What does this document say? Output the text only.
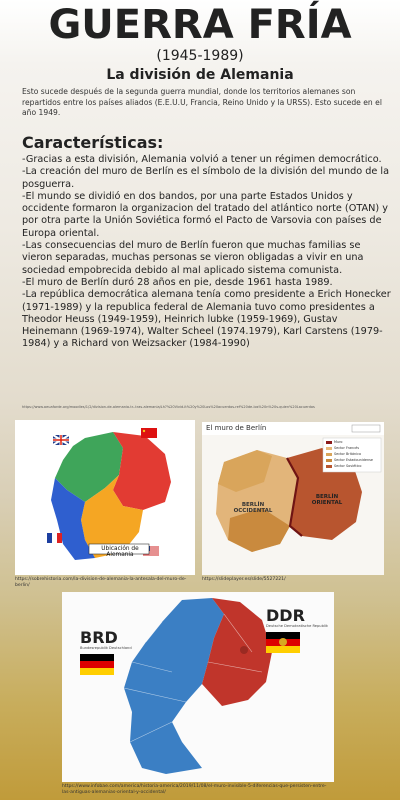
GUERRA FRÍA
(1945-1989)
La división de Alemania
Esto sucede después de la segunda guerra mundial, donde los territorios alemanes son repartidos entre los países aliados (E.E.U.U, Francia, Reino Unido y la URSS). Esto sucede en el año 1949.
Características:
-Gracias a esta división, Alemania volvió a tener un régimen democrático.
-La creación del muro de Berlín es el símbolo de la división del mundo de la posguerra.
-El mundo se dividió en dos bandos, por una parte Estados Unidos y occidente formaron la organizacion del tratado del atlántico norte (OTAN) y por otra parte la Unión Soviética formó el Pacto de Varsovia con países de Europa oriental.
-Las consecuencias del muro de Berlín fueron que muchas familias se vieron separadas, muchas personas se vieron obligadas a vivir en una sociedad empobrecida debido al mal aplicado sistema comunista.
-El muro de Berlín duró 28 años en pie, desde 1961 hasta 1989.
-La república democrática alemana tenía como presidente a Erich Honecker (1971-1989) y la republica federal de Alemania tuvo como presidentes a Theodor Heuss (1949-1959), Heinrich lubke (1959-1969), Gustav Heinemann (1969-1974), Walter Scheel (1974.1979), Karl Carstens (1979-1984) y a Richard von Weizsacker (1984-1990)
https://www.aeuaforde.org/moodles/1/2/division-de-alemania-tr--tras-alemania/Lh?%20Vivid-it%20y%20Los%20acuerdos-ref%20de-los%20n%20s-quien%20Lacuerdos
Ubicación de Alemania
https://sobrehistoria.com/la-division-de-alemania-la-antesala-del-muro-de-berlin/
El muro de Berlín
Muro
Sector Francés
Sector Británico
Sector Estadounidense
Sector Soviético
BERLÍN OCCIDENTAL
BERLÍN ORIENTAL
https://slideplayer.es/slide/5527221/
BRD
Bundesrepublik Deutschland
DDR
Deutsche Demokratische Republik
https://www.infobae.com/america/historia-america/2019/11/08/el-muro-invisible-5-diferencias-que-persisten-entre-las-antiguas-alemanias-oriental-y-occidental/
